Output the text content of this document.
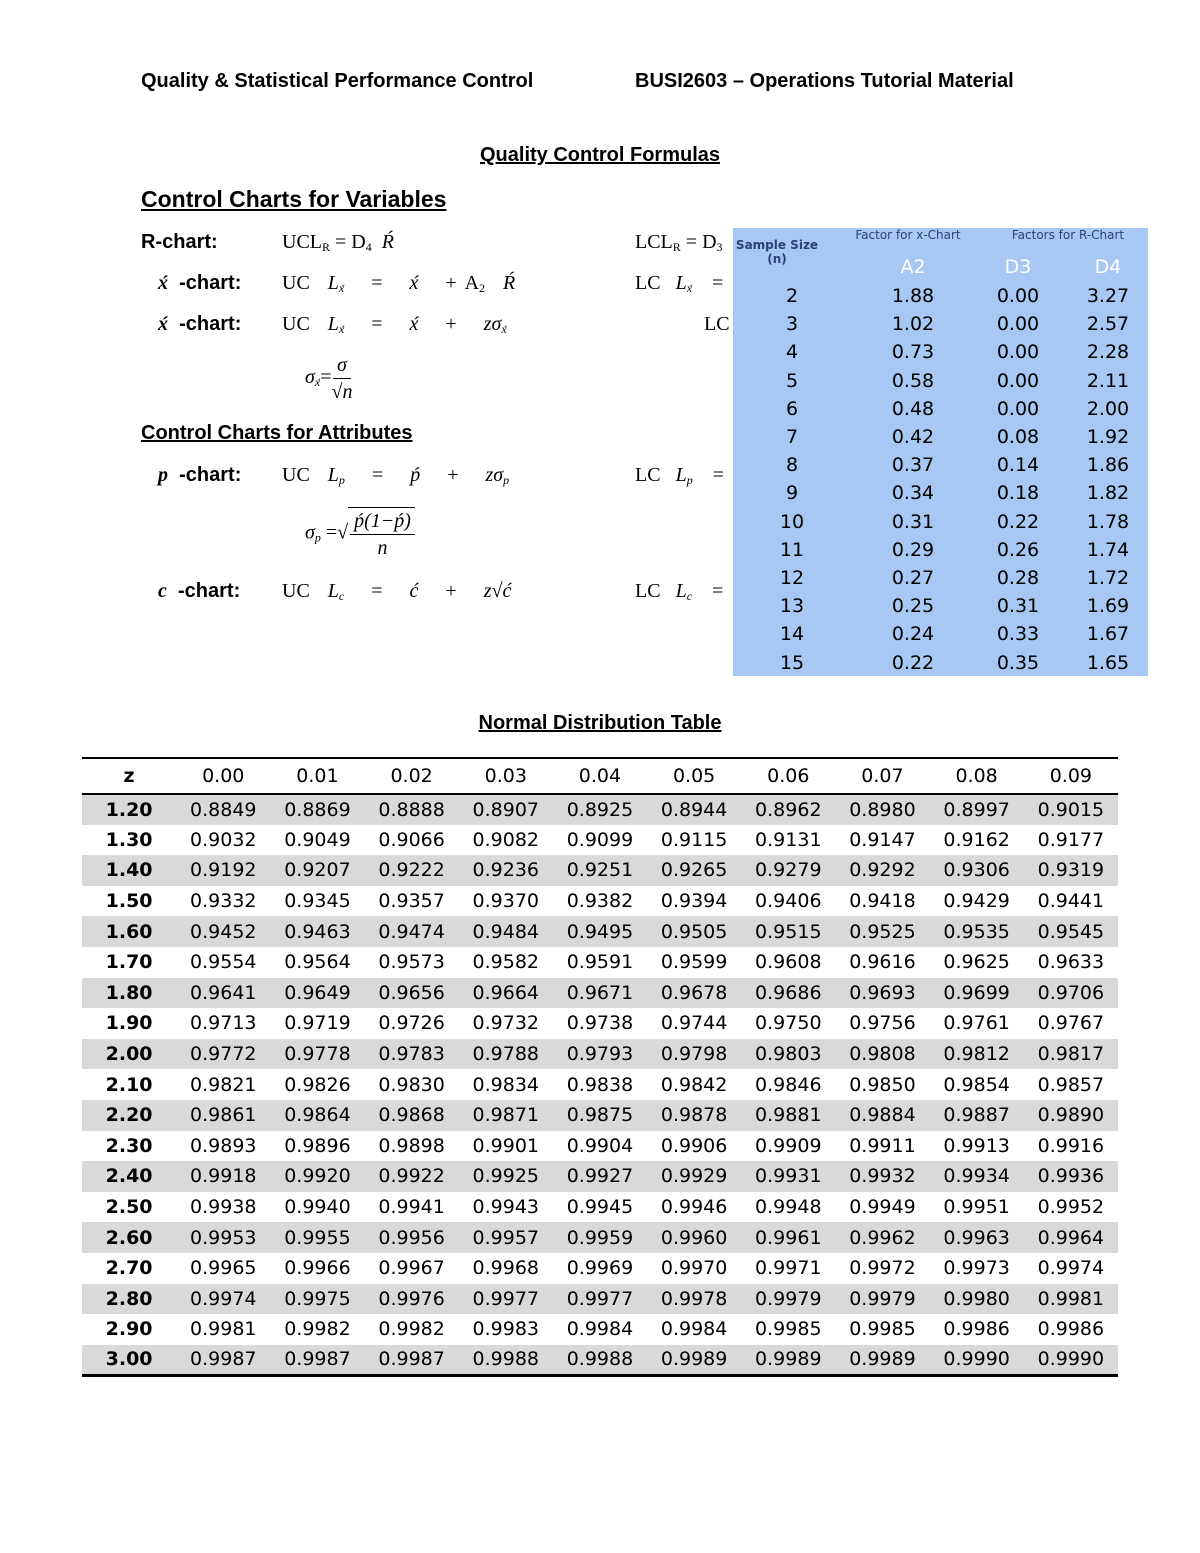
Quality & Statistical Performance Control	BUSI2603 – Operations Tutorial Material
Quality Control Formulas
Control Charts for Variables
R-chart:	$UCL_R = D_4$ Ŕ	$LCL_R = D_3$
x́ -chart: UC $L_{x́}$ = x́ + $A_2$ Ŕ	LC $L_{x́}$ =
x́ -chart: UC $L_{x́}$ = x́ + $z\sigma_{x́}$	LC
$\sigma_{x́}= \frac{\sigma}{√n}$
Control Charts for Attributes
p -chart: UC $L_p$ = ṕ + $z\sigma_p$	LC $L_p$ =
$\sigma_p$ =√ $\frac{\text{ṕ(1−ṕ)}}{n}$
c -chart: UC $L_c$ = ć + z√ć	LC $L_c$ =
Sample Size (n)
Factor for x-Chart	Factors for R-Chart
A2	D3	D4
2	1.88	0.00	3.27
3	1.02	0.00	2.57
4	0.73	0.00	2.28
5	0.58	0.00	2.11
6	0.48	0.00	2.00
7	0.42	0.08	1.92
8	0.37	0.14	1.86
9	0.34	0.18	1.82
10	0.31	0.22	1.78
11	0.29	0.26	1.74
12	0.27	0.28	1.72
13	0.25	0.31	1.69
14	0.24	0.33	1.67
15	0.22	0.35	1.65
Normal Distribution Table
z	0.00	0.01	0.02	0.03	0.04	0.05	0.06	0.07	0.08	0.09
1.20	0.8849	0.8869	0.8888	0.8907	0.8925	0.8944	0.8962	0.8980	0.8997	0.9015
1.30	0.9032	0.9049	0.9066	0.9082	0.9099	0.9115	0.9131	0.9147	0.9162	0.9177
1.40	0.9192	0.9207	0.9222	0.9236	0.9251	0.9265	0.9279	0.9292	0.9306	0.9319
1.50	0.9332	0.9345	0.9357	0.9370	0.9382	0.9394	0.9406	0.9418	0.9429	0.9441
1.60	0.9452	0.9463	0.9474	0.9484	0.9495	0.9505	0.9515	0.9525	0.9535	0.9545
1.70	0.9554	0.9564	0.9573	0.9582	0.9591	0.9599	0.9608	0.9616	0.9625	0.9633
1.80	0.9641	0.9649	0.9656	0.9664	0.9671	0.9678	0.9686	0.9693	0.9699	0.9706
1.90	0.9713	0.9719	0.9726	0.9732	0.9738	0.9744	0.9750	0.9756	0.9761	0.9767
2.00	0.9772	0.9778	0.9783	0.9788	0.9793	0.9798	0.9803	0.9808	0.9812	0.9817
2.10	0.9821	0.9826	0.9830	0.9834	0.9838	0.9842	0.9846	0.9850	0.9854	0.9857
2.20	0.9861	0.9864	0.9868	0.9871	0.9875	0.9878	0.9881	0.9884	0.9887	0.9890
2.30	0.9893	0.9896	0.9898	0.9901	0.9904	0.9906	0.9909	0.9911	0.9913	0.9916
2.40	0.9918	0.9920	0.9922	0.9925	0.9927	0.9929	0.9931	0.9932	0.9934	0.9936
2.50	0.9938	0.9940	0.9941	0.9943	0.9945	0.9946	0.9948	0.9949	0.9951	0.9952
2.60	0.9953	0.9955	0.9956	0.9957	0.9959	0.9960	0.9961	0.9962	0.9963	0.9964
2.70	0.9965	0.9966	0.9967	0.9968	0.9969	0.9970	0.9971	0.9972	0.9973	0.9974
2.80	0.9974	0.9975	0.9976	0.9977	0.9977	0.9978	0.9979	0.9979	0.9980	0.9981
2.90	0.9981	0.9982	0.9982	0.9983	0.9984	0.9984	0.9985	0.9985	0.9986	0.9986
3.00	0.9987	0.9987	0.9987	0.9988	0.9988	0.9989	0.9989	0.9989	0.9990	0.9990
